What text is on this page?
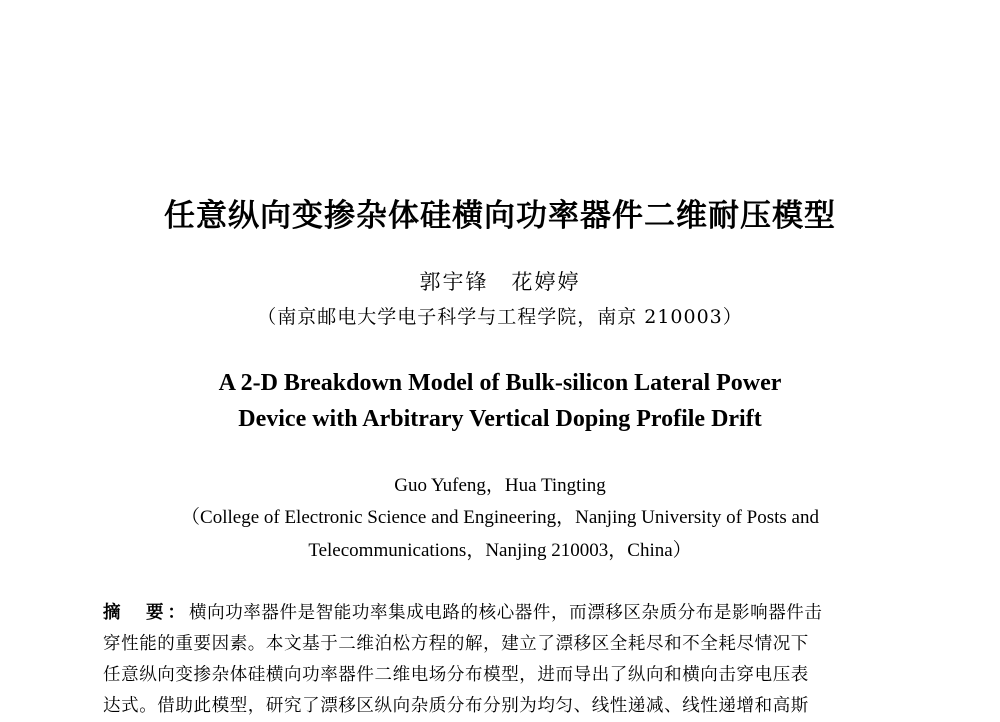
任意纵向变掺杂体硅横向功率器件二维耐压模型
郭宇锋　花婷婷
（南京邮电大学电子科学与工程学院，南京 210003）
A 2-D Breakdown Model of Bulk-silicon Lateral Power
Device with Arbitrary Vertical Doping Profile Drift
Guo Yufeng，Hua Tingting
（College of Electronic Science and Engineering，Nanjing University of Posts and
Telecommunications，Nanjing 210003，China）
摘　要：横向功率器件是智能功率集成电路的核心器件，而漂移区杂质分布是影响器件击
穿性能的重要因素。本文基于二维泊松方程的解，建立了漂移区全耗尽和不全耗尽情况下
任意纵向变掺杂体硅横向功率器件二维电场分布模型，进而导出了纵向和横向击穿电压表
达式。借助此模型，研究了漂移区纵向杂质分布分别为均匀、线性递减、线性递增和高斯
